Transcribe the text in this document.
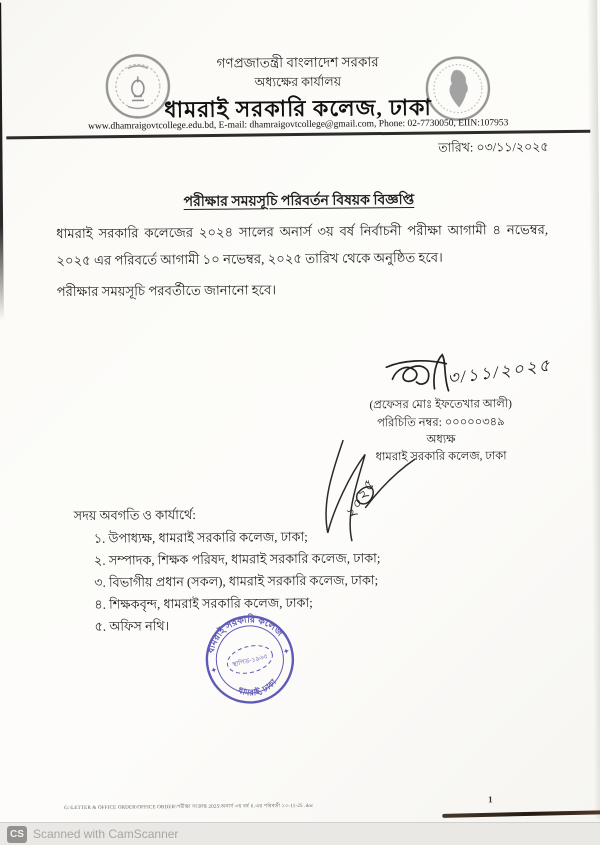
গণপ্রজাতন্ত্রী বাংলাদেশ সরকার
অধ্যক্ষের কার্যালয়
ধামরাই সরকারি কলেজ, ঢাকা
www.dhamraigovtcollege.edu.bd, E-mail: dhamraigovtcollege@gmail.com, Phone: 02-7730050, EIIN:107953
তারিখ: ০৩/১১/২০২৫
পরীক্ষার সময়সূচি পরিবর্তন বিষয়ক বিজ্ঞপ্তি
ধামরাই সরকারি কলেজের ২০২৪ সালের অনার্স ৩য় বর্ষ নির্বাচনী পরীক্ষা আগামী ৪ নভেম্বর, ২০২৫ এর পরিবর্তে আগামী ১০ নভেম্বর, ২০২৫ তারিখ থেকে অনুষ্ঠিত হবে।
পরীক্ষার সময়সূচি পরবর্তীতে জানানো হবে।
৩/১১/২০২৫
(প্রফেসর মোঃ ইফতেখার আলী)
পরিচিতি নম্বর: ০০০০০৩৪৯
অধ্যক্ষ
ধামরাই সরকারি কলেজ, ঢাকা
২০২৫
সদয় অবগতি ও কার্যার্থে:
১. উপাধ্যক্ষ, ধামরাই সরকারি কলেজ, ঢাকা;
২. সম্পাদক, শিক্ষক পরিষদ, ধামরাই সরকারি কলেজ, ঢাকা;
৩. বিভাগীয় প্রধান (সকল), ধামরাই সরকারি কলেজ, ঢাকা;
৪. শিক্ষকবৃন্দ, ধামরাই সরকারি কলেজ, ঢাকা;
৫. অফিস নথি।
ধামরাই সরকারি কলেজ
ধামরাই, ঢাকা
স্থাপিত-১৯৬৫
✦
✦
G:\LETTER & OFFICE ORDER\OFFICE ORDER\পরীক্ষা সংক্রান্ত 2025\অনার্স ৩য় বর্ষ ৪.এর পরিবর্তী ১০-11-25 .doc
1
CS Scanned with CamScanner
